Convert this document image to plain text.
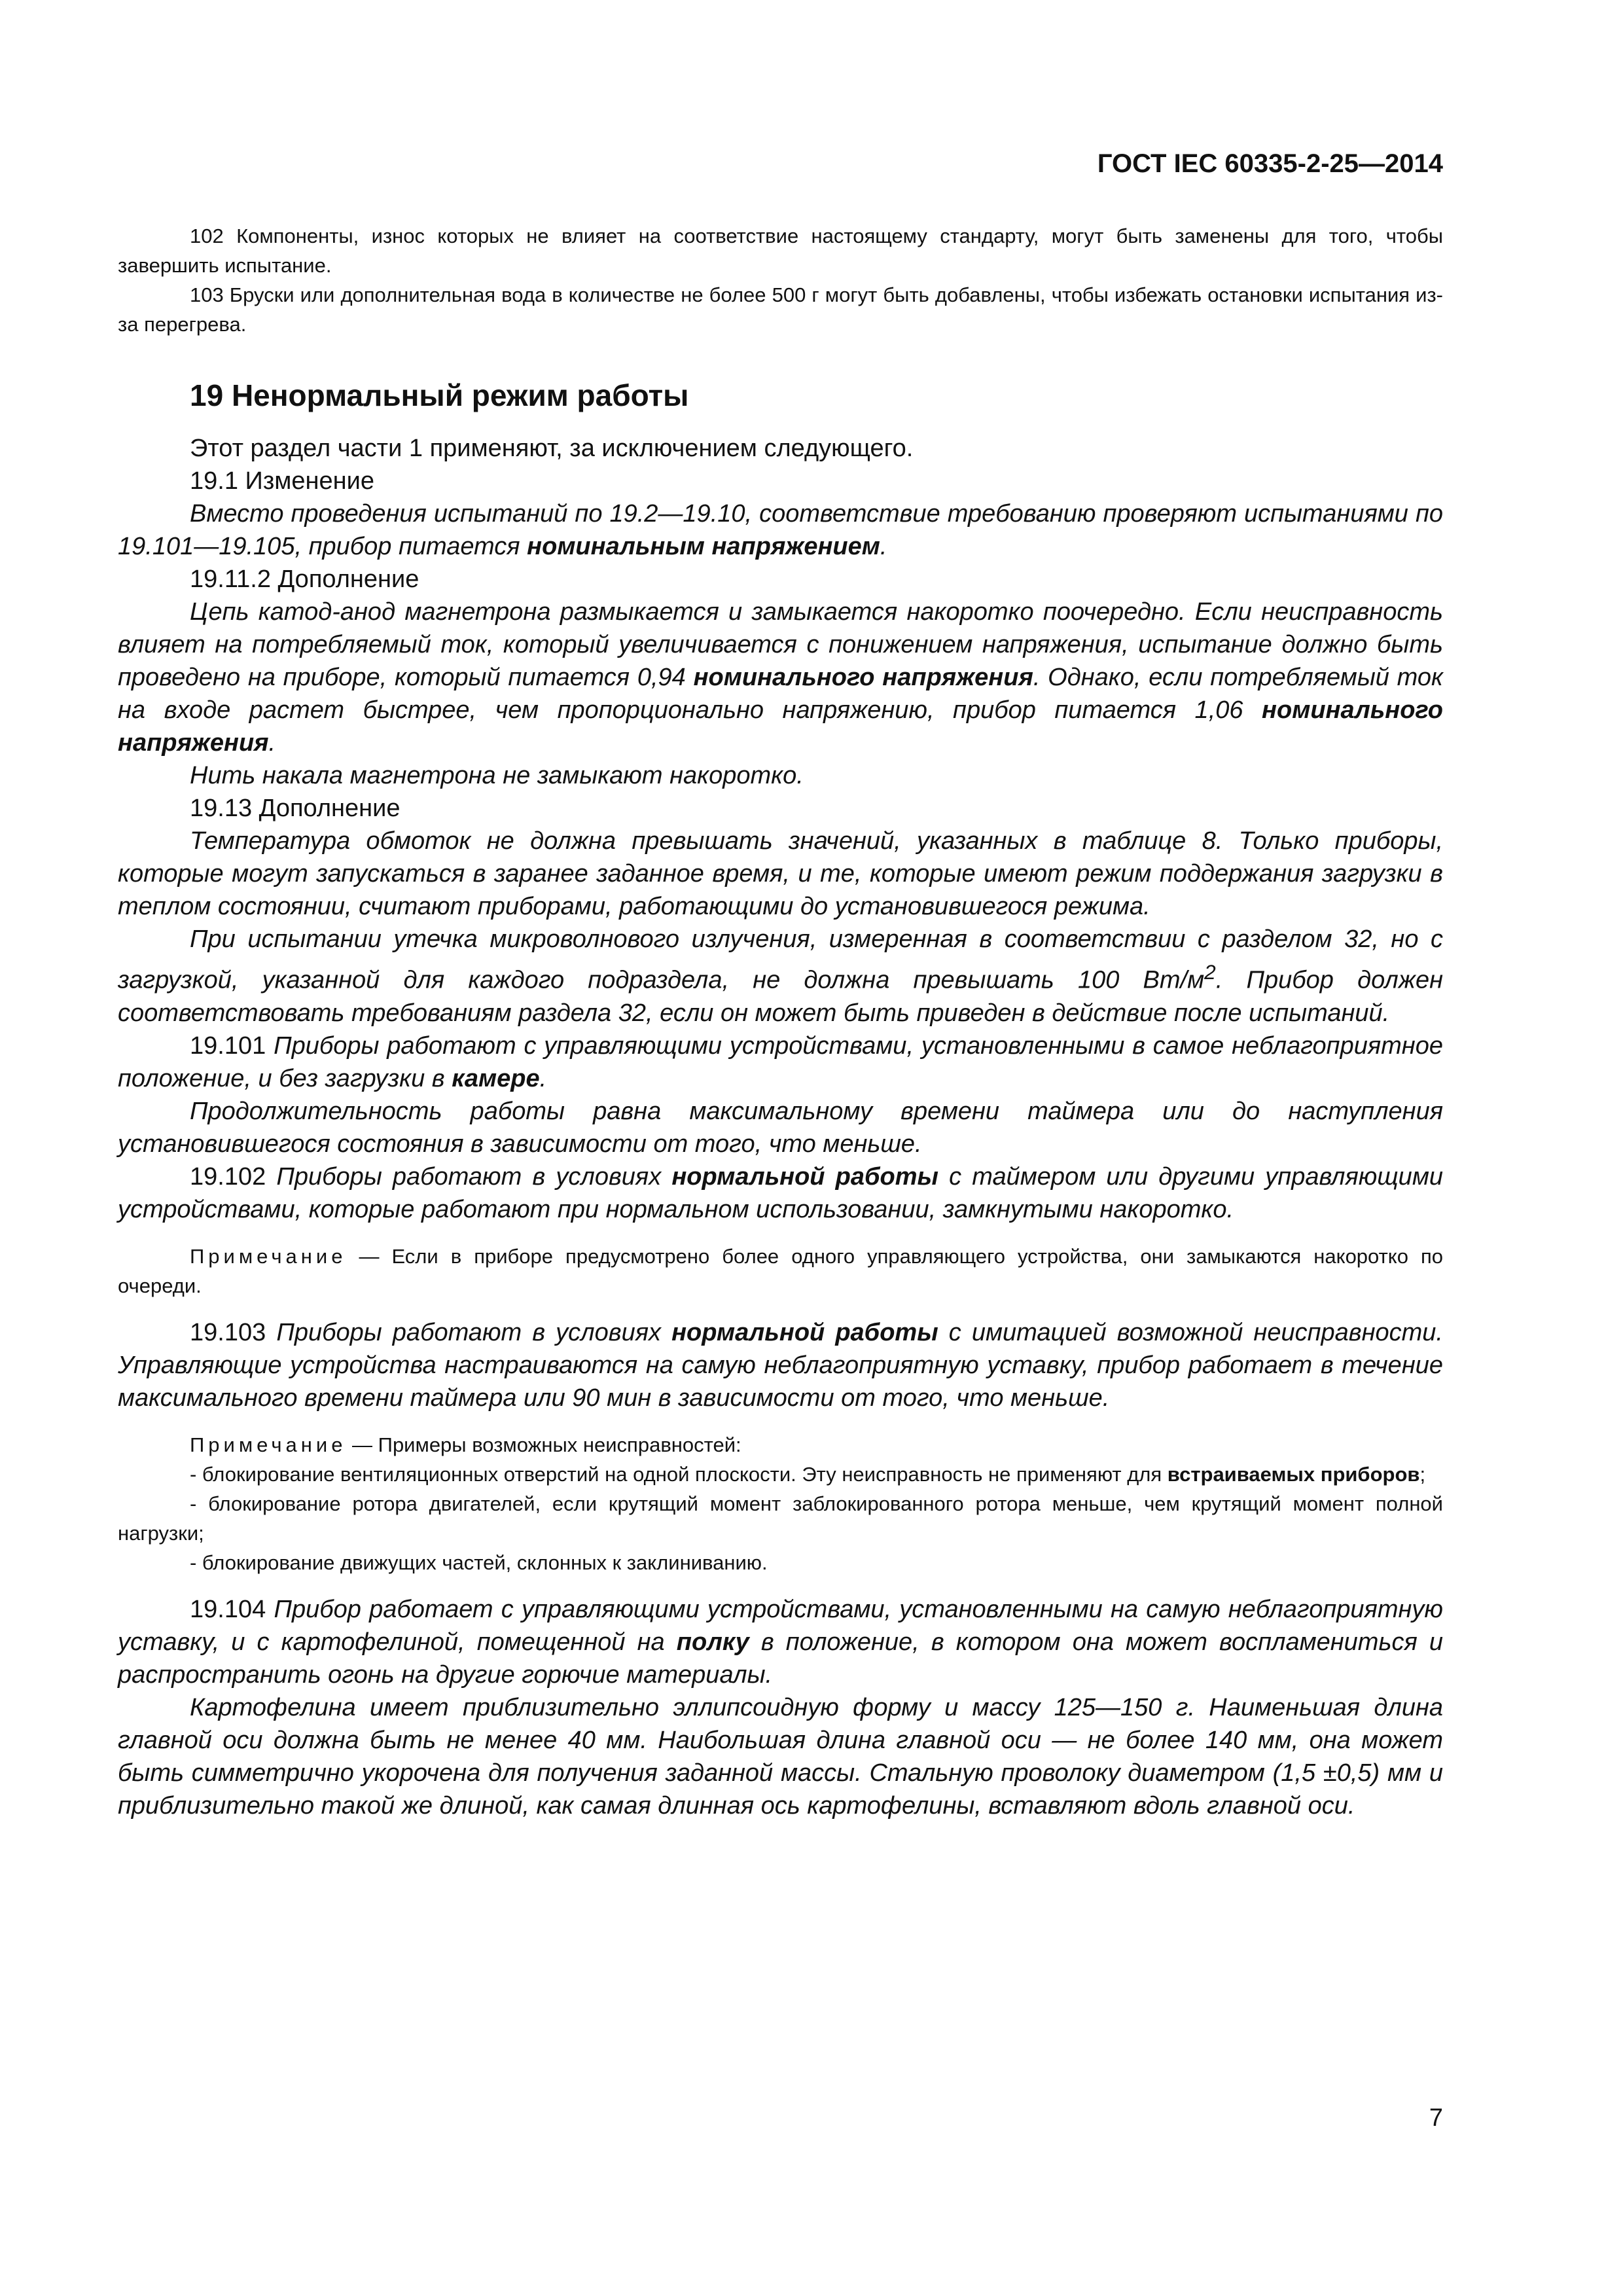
ГОСТ IEC 60335-2-25—2014

102 Компоненты, износ которых не влияет на соответствие настоящему стандарту, могут быть заменены для того, чтобы завершить испытание.

103 Бруски или дополнительная вода в количестве не более 500 г могут быть добавлены, чтобы избежать остановки испытания из-за перегрева.

19 Ненормальный режим работы

Этот раздел части 1 применяют, за исключением следующего.

19.1 Изменение

Вместо проведения испытаний по 19.2—19.10, соответствие требованию проверяют испытаниями по 19.101—19.105, прибор питается номинальным напряжением.

19.11.2 Дополнение

Цепь катод-анод магнетрона размыкается и замыкается накоротко поочередно. Если неисправность влияет на потребляемый ток, который увеличивается с понижением напряжения, испытание должно быть проведено на приборе, который питается 0,94 номинального напряжения. Однако, если потребляемый ток на входе растет быстрее, чем пропорционально напряжению, прибор питается 1,06 номинального напряжения.

Нить накала магнетрона не замыкают накоротко.

19.13 Дополнение

Температура обмоток не должна превышать значений, указанных в таблице 8. Только приборы, которые могут запускаться в заранее заданное время, и те, которые имеют режим поддержания загрузки в теплом состоянии, считают приборами, работающими до установившегося режима.

При испытании утечка микроволнового излучения, измеренная в соответствии с разделом 32, но с загрузкой, указанной для каждого подраздела, не должна превышать 100 $Вт/м^2$. Прибор должен соответствовать требованиям раздела 32, если он может быть приведен в действие после испытаний.

19.101 Приборы работают с управляющими устройствами, установленными в самое неблагоприятное положение, и без загрузки в камере.

Продолжительность работы равна максимальному времени таймера или до наступления установившегося состояния в зависимости от того, что меньше.

19.102 Приборы работают в условиях нормальной работы с таймером или другими управляющими устройствами, которые работают при нормальном использовании, замкнутыми накоротко.

Примечание — Если в приборе предусмотрено более одного управляющего устройства, они замыкаются накоротко по очереди.

19.103 Приборы работают в условиях нормальной работы с имитацией возможной неисправности. Управляющие устройства настраиваются на самую неблагоприятную уставку, прибор работает в течение максимального времени таймера или 90 мин в зависимости от того, что меньше.

Примечание — Примеры возможных неисправностей:

- блокирование вентиляционных отверстий на одной плоскости. Эту неисправность не применяют для встраиваемых приборов;

- блокирование ротора двигателей, если крутящий момент заблокированного ротора меньше, чем крутящий момент полной нагрузки;

- блокирование движущих частей, склонных к заклиниванию.

19.104 Прибор работает с управляющими устройствами, установленными на самую неблагоприятную уставку, и с картофелиной, помещенной на полку в положение, в котором она может воспламениться и распространить огонь на другие горючие материалы.

Картофелина имеет приблизительно эллипсоидную форму и массу 125—150 г. Наименьшая длина главной оси должна быть не менее 40 мм. Наибольшая длина главной оси — не более 140 мм, она может быть симметрично укорочена для получения заданной массы. Стальную проволоку диаметром (1,5 ±0,5) мм и приблизительно такой же длиной, как самая длинная ось картофелины, вставляют вдоль главной оси.

7
